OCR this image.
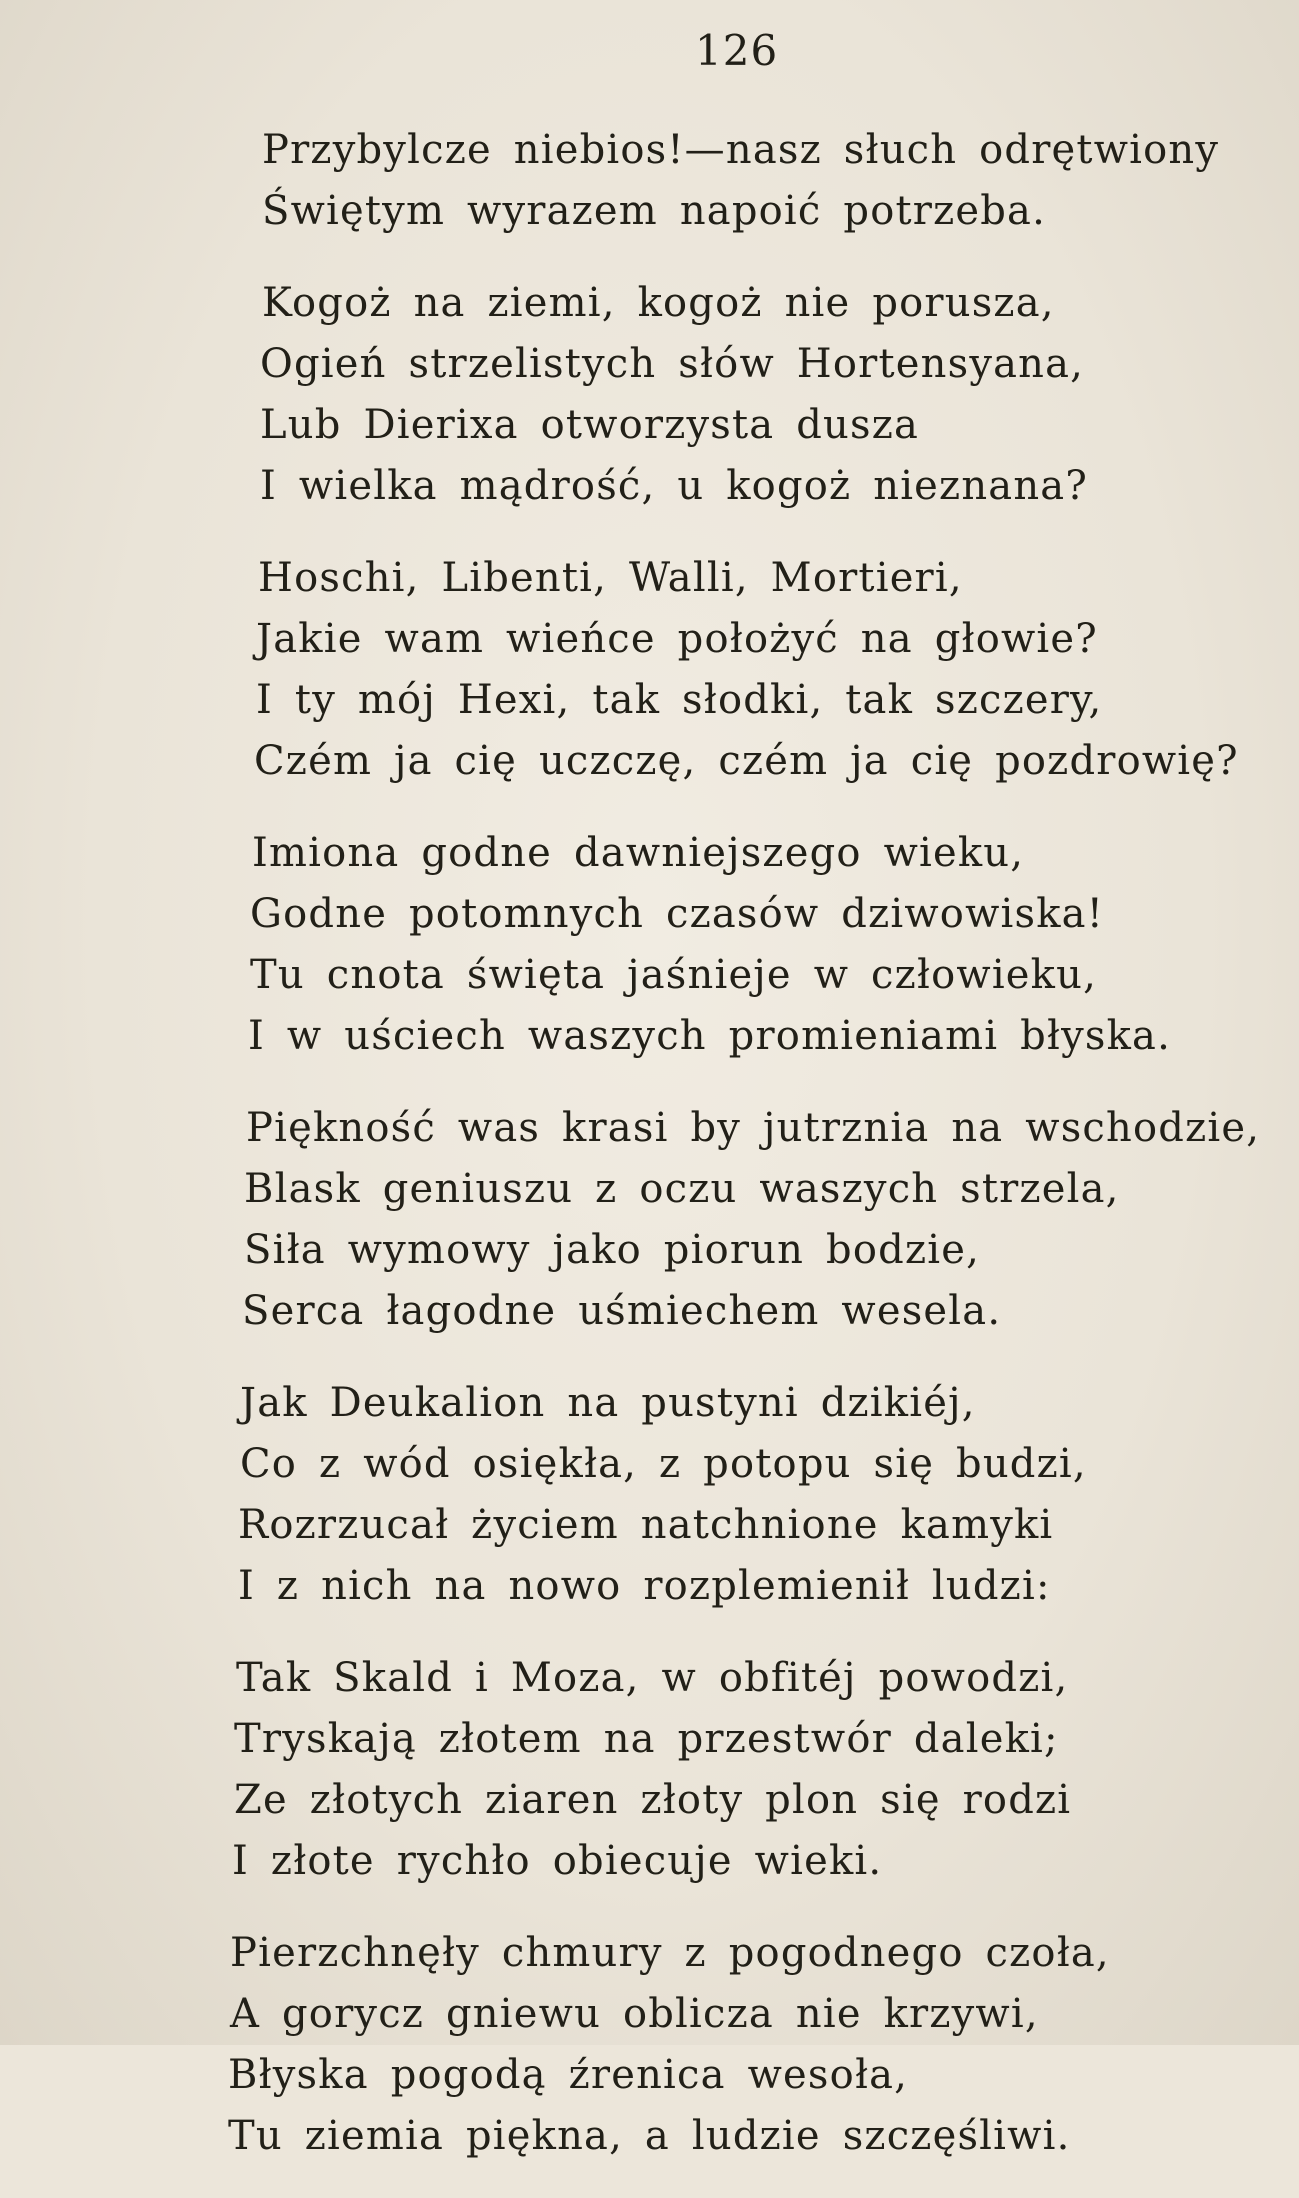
126
Przybylcze niebios!—nasz słuch odrętwiony
Świętym wyrazem napoić potrzeba.
Kogoż na ziemi, kogoż nie porusza,
Ogień strzelistych słów Hortensyana,
Lub Dierixa otworzysta dusza
I wielka mądrość, u kogoż nieznana?
Hoschi, Libenti, Walli, Mortieri,
Jakie wam wieńce położyć na głowie?
I ty mój Hexi, tak słodki, tak szczery,
Czém ja cię uczczę, czém ja cię pozdrowię?
Imiona godne dawniejszego wieku,
Godne potomnych czasów dziwowiska!
Tu cnota święta jaśnieje w człowieku,
I w uściech waszych promieniami błyska.
Piękność was krasi by jutrznia na wschodzie,
Blask geniuszu z oczu waszych strzela,
Siła wymowy jako piorun bodzie,
Serca łagodne uśmiechem wesela.
Jak Deukalion na pustyni dzikiéj,
Co z wód osiękła, z potopu się budzi,
Rozrzucał życiem natchnione kamyki
I z nich na nowo rozplemienił ludzi:
Tak Skald i Moza, w obfitéj powodzi,
Tryskają złotem na przestwór daleki;
Ze złotych ziaren złoty plon się rodzi
I złote rychło obiecuje wieki.
Pierzchnęły chmury z pogodnego czoła,
A gorycz gniewu oblicza nie krzywi,
Błyska pogodą źrenica wesoła,
Tu ziemia piękna, a ludzie szczęśliwi.
